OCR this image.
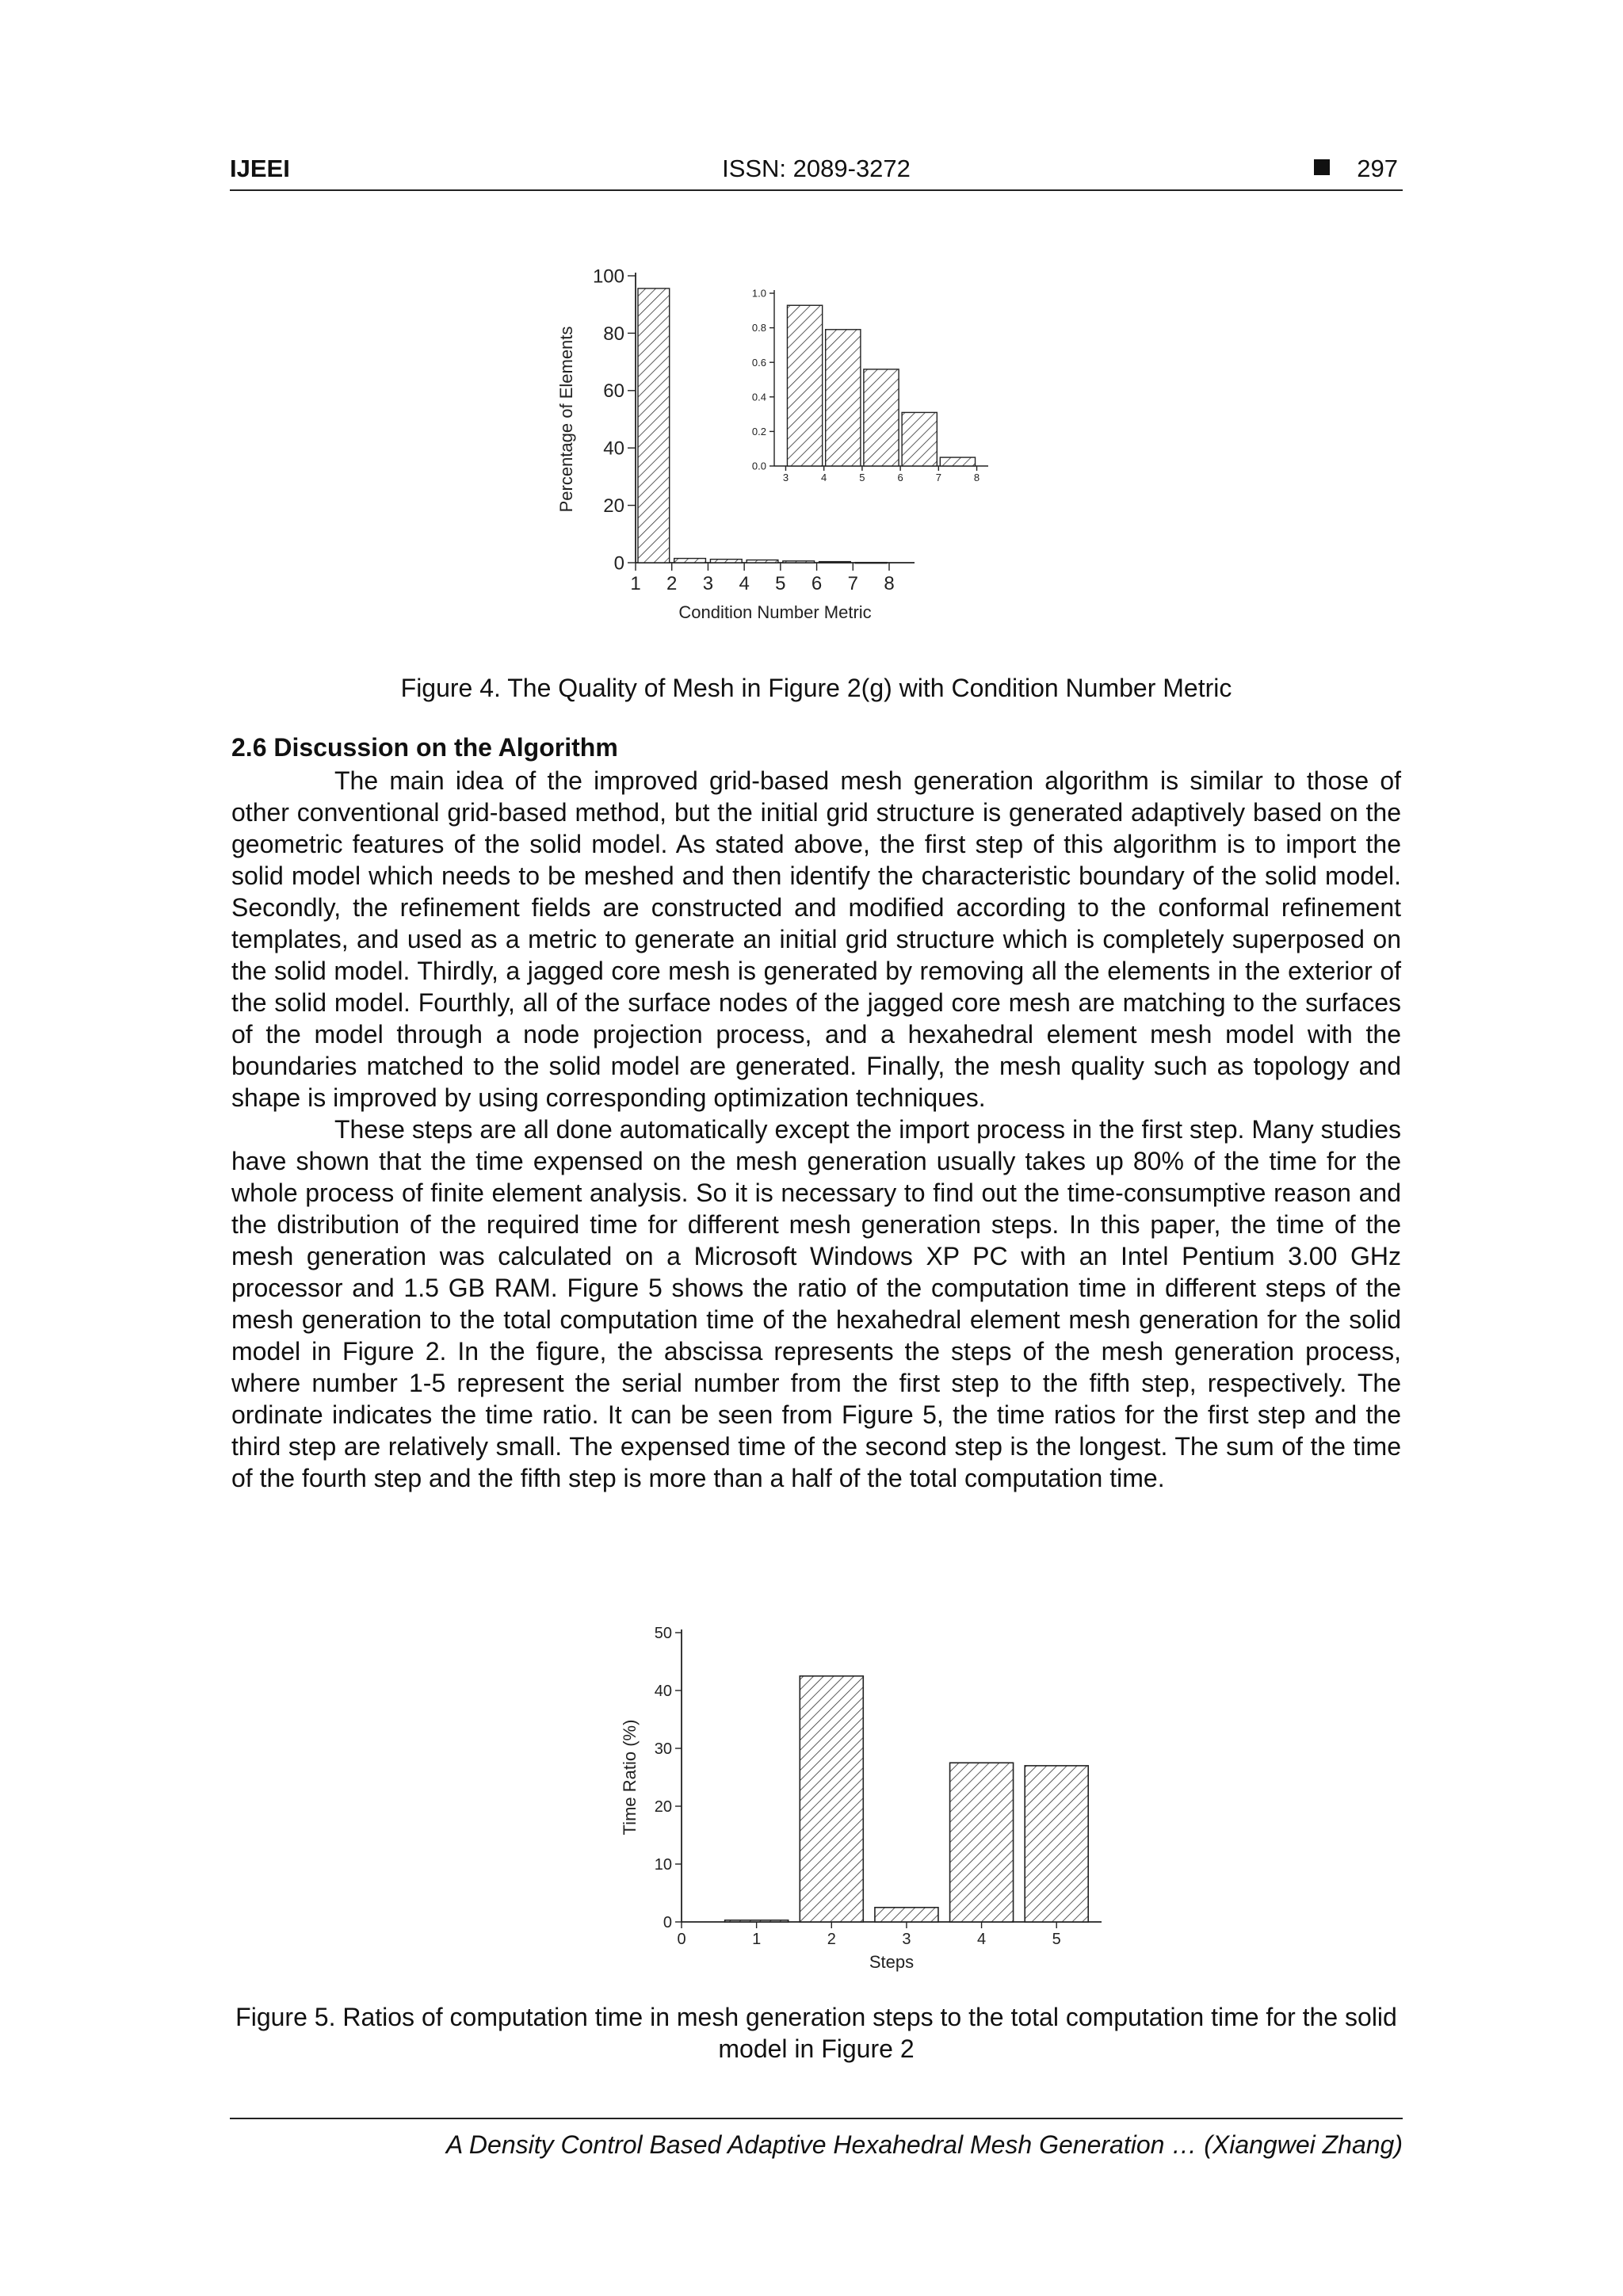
IJEEI	ISSN: 2089-3272	297
0
20
40
60
80
100
1 2 3 4 5 6 7 8
Condition Number Metric
Percentage of Elements	0.0
0.2
0.4
0.6
0.8
1.0
3	4	5	6	7	8
Figure 4. The Quality of Mesh in Figure 2(g) with Condition Number Metric
2.6 Discussion on the Algorithm

The main idea of the improved grid-based mesh generation algorithm is similar to those of other conventional grid-based method, but the initial grid structure is generated adaptively based on the geometric features of the solid model. As stated above, the first step of this algorithm is to import the solid model which needs to be meshed and then identify the characteristic boundary of the solid model. Secondly, the refinement fields are constructed and modified according to the conformal refinement templates, and used as a metric to generate an initial grid structure which is completely superposed on the solid model. Thirdly, a jagged core mesh is generated by removing all the elements in the exterior of the solid model. Fourthly, all of the surface nodes of the jagged core mesh are matching to the surfaces of the model through a node projection process, and a hexahedral element mesh model with the boundaries matched to the solid model are generated. Finally, the mesh quality such as topology and shape is improved by using corresponding optimization techniques.

These steps are all done automatically except the import process in the first step. Many studies have shown that the time expensed on the mesh generation usually takes up 80% of the time for the whole process of finite element analysis. So it is necessary to find out the time-consumptive reason and the distribution of the required time for different mesh generation steps. In this paper, the time of the mesh generation was calculated on a Microsoft Windows XP PC with an Intel Pentium 3.00 GHz processor and 1.5 GB RAM. Figure 5 shows the ratio of the computation time in different steps of the mesh generation to the total computation time of the hexahedral element mesh generation for the solid model in Figure 2. In the figure, the abscissa represents the steps of the mesh generation process, where number 1-5 represent the serial number from the first step to the fifth step, respectively. The ordinate indicates the time ratio. It can be seen from Figure 5, the time ratios for the first step and the third step are relatively small. The expensed time of the second step is the longest. The sum of the time of the fourth step and the fifth step is more than a half of the total computation time.

0
10
20
30
40
50
0	1	2	3	4	5
Steps
Time Ratio (%)
Figure 5. Ratios of computation time in mesh generation steps to the total computation time for the solid model in Figure 2
A Density Control Based Adaptive Hexahedral Mesh Generation … (Xiangwei Zhang)
